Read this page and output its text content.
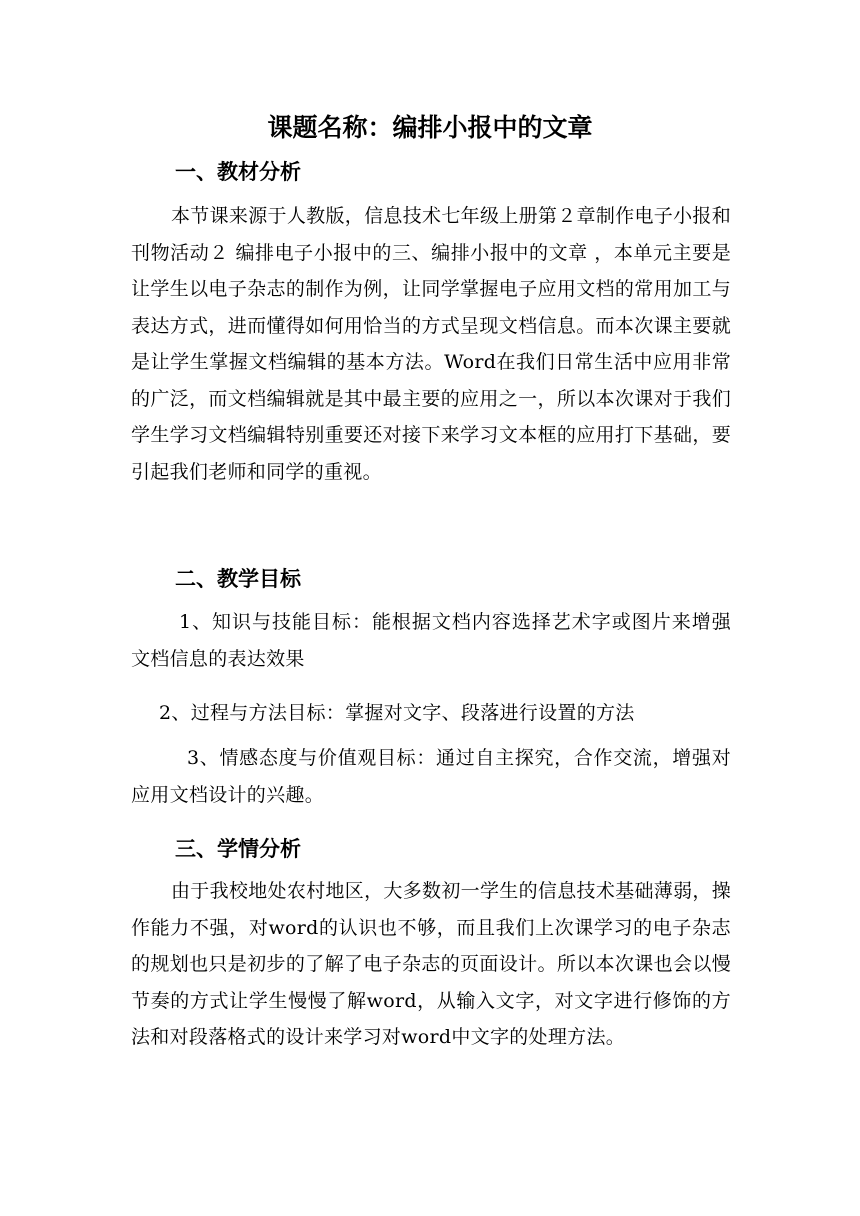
课题名称：编排小报中的文章
一、教材分析

本节课来源于人教版，信息技术七年级上册第２章制作电子小报和刊物活动２ 编排电子小报中的三、编排小报中的文章 ，本单元主要是让学生以电子杂志的制作为例，让同学掌握电子应用文档的常用加工与表达方式，进而懂得如何用恰当的方式呈现文档信息。而本次课主要就是让学生掌握文档编辑的基本方法。Word在我们日常生活中应用非常的广泛，而文档编辑就是其中最主要的应用之一，所以本次课对于我们学生学习文档编辑特别重要还对接下来学习文本框的应用打下基础，要引起我们老师和同学的重视。

二、教学目标

1、知识与技能目标：能根据文档内容选择艺术字或图片来增强文档信息的表达效果

2、过程与方法目标：掌握对文字、段落进行设置的方法

3、情感态度与价值观目标：通过自主探究，合作交流，增强对应用文档设计的兴趣。

三、学情分析

由于我校地处农村地区，大多数初一学生的信息技术基础薄弱，操作能力不强，对word的认识也不够，而且我们上次课学习的电子杂志的规划也只是初步的了解了电子杂志的页面设计。所以本次课也会以慢节奏的方式让学生慢慢了解word，从输入文字，对文字进行修饰的方法和对段落格式的设计来学习对word中文字的处理方法。
